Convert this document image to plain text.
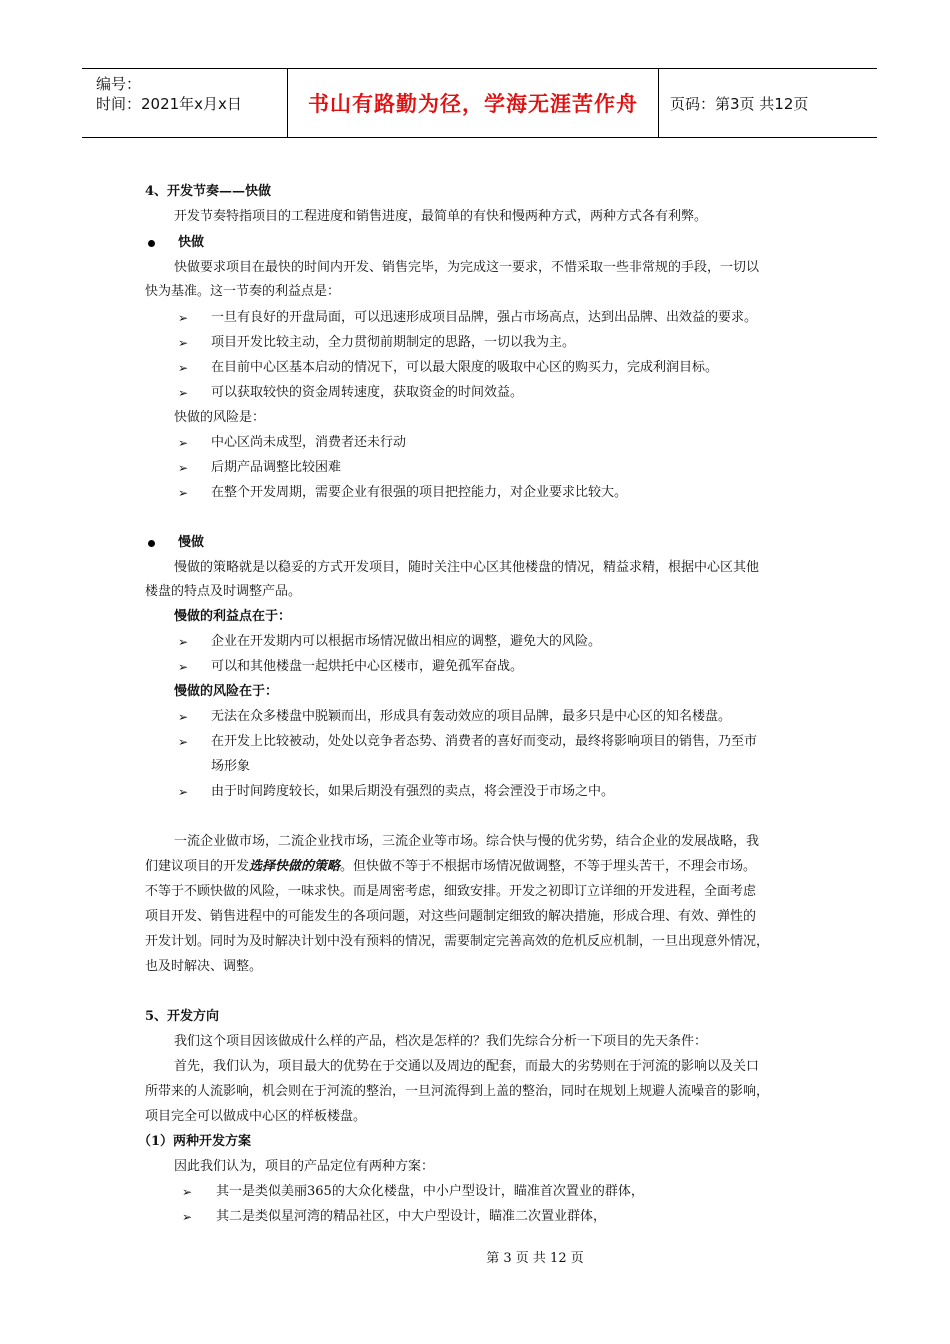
编号：
时间：2021年x月x日	书山有路勤为径，学海无涯苦作舟 页码：第3页 共12页
4、开发节奏——快做
开发节奏特指项目的工程进度和销售进度，最简单的有快和慢两种方式，两种方式各有利弊。
快做
快做要求项目在最快的时间内开发、销售完毕，为完成这一要求，不惜采取一些非常规的手段，一切以
快为基准。这一节奏的利益点是：
➢ 一旦有良好的开盘局面，可以迅速形成项目品牌，强占市场高点，达到出品牌、出效益的要求。
➢ 项目开发比较主动，全力贯彻前期制定的思路，一切以我为主。
➢ 在目前中心区基本启动的情况下，可以最大限度的吸取中心区的购买力，完成利润目标。
➢ 可以获取较快的资金周转速度，获取资金的时间效益。
快做的风险是：
➢ 中心区尚未成型，消费者还未行动
➢ 后期产品调整比较困难
➢ 在整个开发周期，需要企业有很强的项目把控能力，对企业要求比较大。
慢做
慢做的策略就是以稳妥的方式开发项目，随时关注中心区其他楼盘的情况，精益求精，根据中心区其他
楼盘的特点及时调整产品。
慢做的利益点在于：
➢ 企业在开发期内可以根据市场情况做出相应的调整，避免大的风险。
➢ 可以和其他楼盘一起烘托中心区楼市，避免孤军奋战。
慢做的风险在于：
➢ 无法在众多楼盘中脱颖而出，形成具有轰动效应的项目品牌，最多只是中心区的知名楼盘。
➢ 在开发上比较被动，处处以竞争者态势、消费者的喜好而变动，最终将影响项目的销售，乃至市
场形象
➢ 由于时间跨度较长，如果后期没有强烈的卖点，将会湮没于市场之中。
一流企业做市场，二流企业找市场，三流企业等市场。综合快与慢的优劣势，结合企业的发展战略，我
们建议项目的开发选择快做的策略。但快做不等于不根据市场情况做调整，不等于埋头苦干，不理会市场。
不等于不顾快做的风险，一味求快。而是周密考虑，细致安排。开发之初即订立详细的开发进程，全面考虑
项目开发、销售进程中的可能发生的各项问题，对这些问题制定细致的解决措施，形成合理、有效、弹性的
开发计划。同时为及时解决计划中没有预料的情况，需要制定完善高效的危机反应机制，一旦出现意外情况，
也及时解决、调整。
5、开发方向
我们这个项目因该做成什么样的产品，档次是怎样的？我们先综合分析一下项目的先天条件：
首先，我们认为，项目最大的优势在于交通以及周边的配套，而最大的劣势则在于河流的影响以及关口
所带来的人流影响，机会则在于河流的整治，一旦河流得到上盖的整治，同时在规划上规避人流噪音的影响，
项目完全可以做成中心区的样板楼盘。
（1）两种开发方案
因此我们认为，项目的产品定位有两种方案：
➢ 其一是类似美丽365的大众化楼盘，中小户型设计，瞄准首次置业的群体，
➢ 其二是类似星河湾的精品社区，中大户型设计，瞄准二次置业群体，
第 3 页 共 12 页
